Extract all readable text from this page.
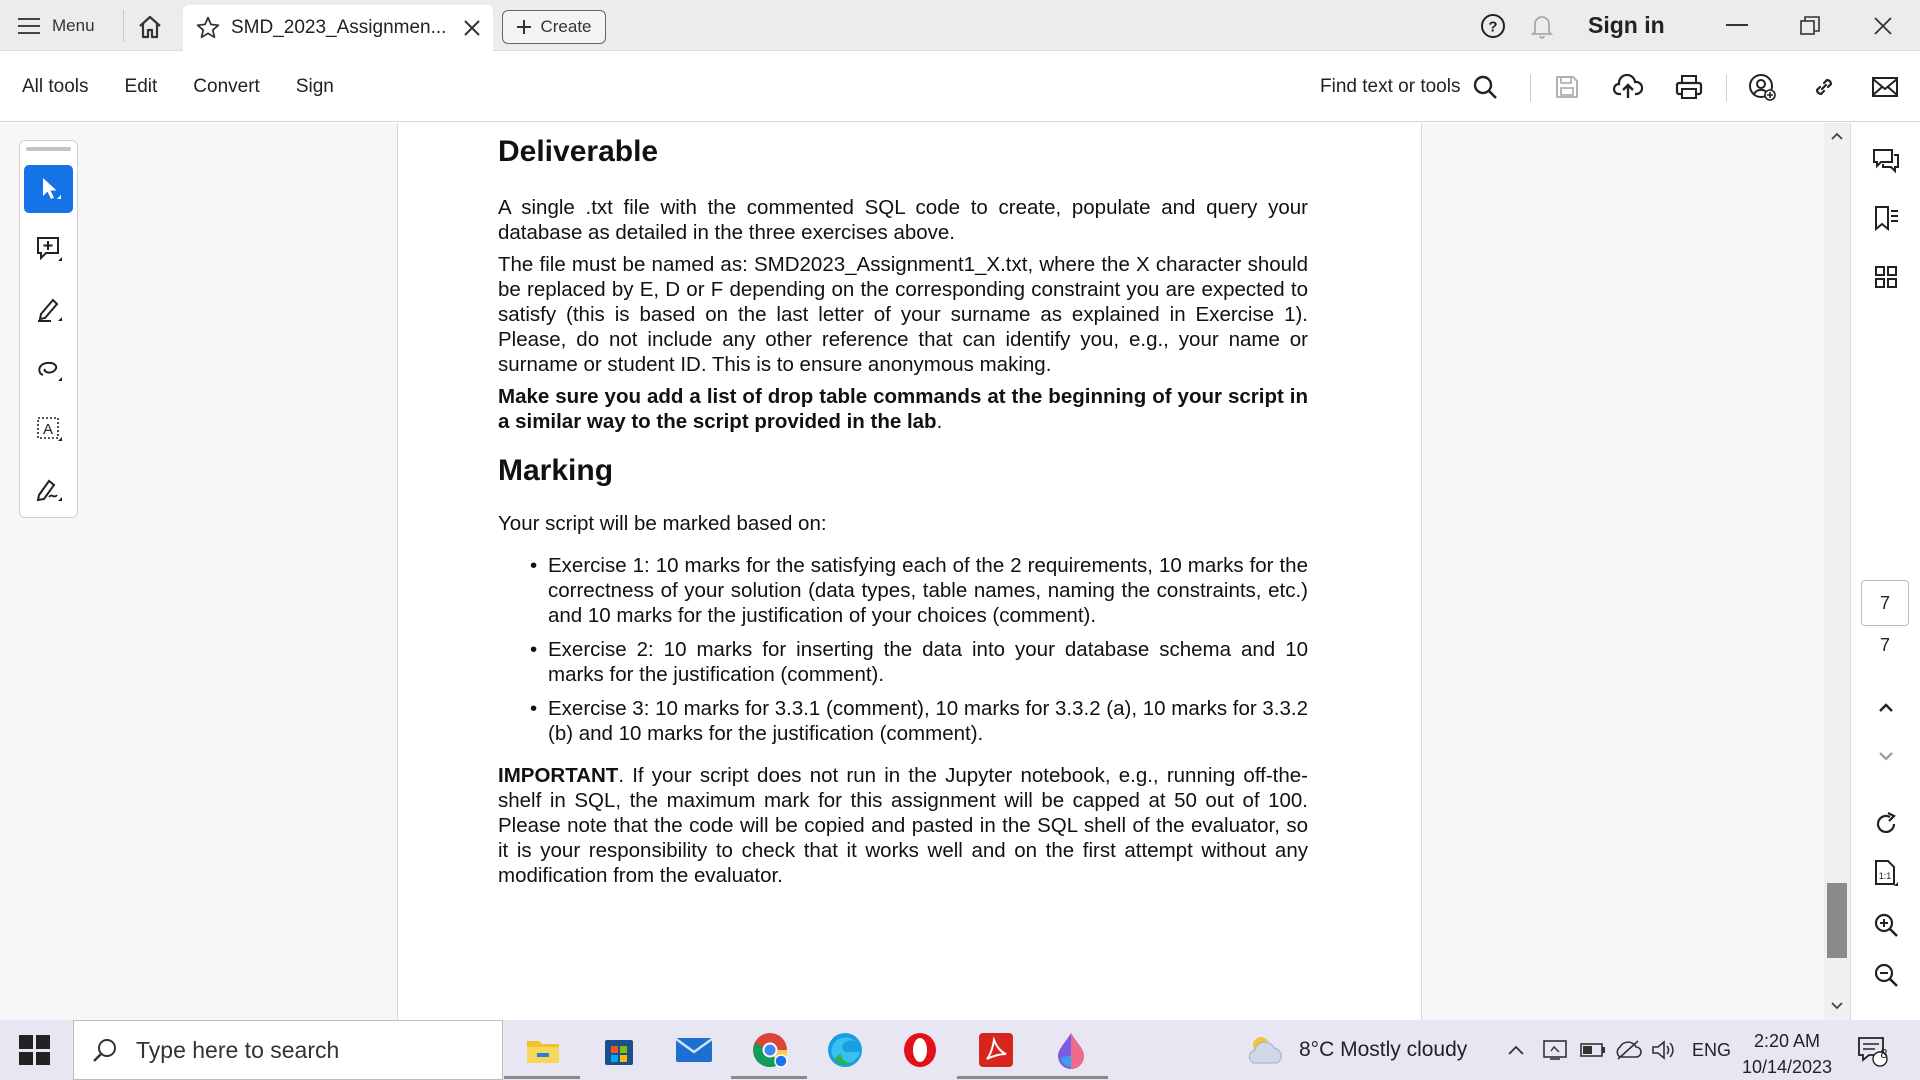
Menu	SMD_2023_Assignmen...	Create	?	Sign in
All tools Edit Convert Sign	Find text or tools
A
Deliverable

A single .txt file with the commented SQL code to create, populate and query your database as detailed in the three exercises above.

The file must be named as: SMD2023_Assignment1_X.txt, where the X character should be replaced by E, D or F depending on the corresponding constraint you are expected to satisfy (this is based on the last letter of your surname as explained in Exercise 1). Please, do not include any other reference that can identify you, e.g., your name or surname or student ID. This is to ensure anonymous making.

Make sure you add a list of drop table commands at the beginning of your script in a similar way to the script provided in the lab.

Marking

Your script will be marked based on:

• Exercise 1: 10 marks for the satisfying each of the 2 requirements, 10 marks for the correctness of your solution (data types, table names, naming the constraints, etc.) and 10 marks for the justification of your choices (comment).
• Exercise 2: 10 marks for inserting the data into your database schema and 10 marks for the justification (comment).
• Exercise 3: 10 marks for 3.3.1 (comment), 10 marks for 3.3.2 (a), 10 marks for 3.3.2 (b) and 10 marks for the justification (comment).

IMPORTANT. If your script does not run in the Jupyter notebook, e.g., running off-the-shelf in SQL, the maximum mark for this assignment will be capped at 50 out of 100. Please note that the code will be copied and pasted in the SQL shell of the evaluator, so it is your responsibility to check that it works well and on the first attempt without any modification from the evaluator.

7
7
1:1
Type here to search	8°C Mostly cloudy	ENG	2:20 AM
10/14/2023
8
